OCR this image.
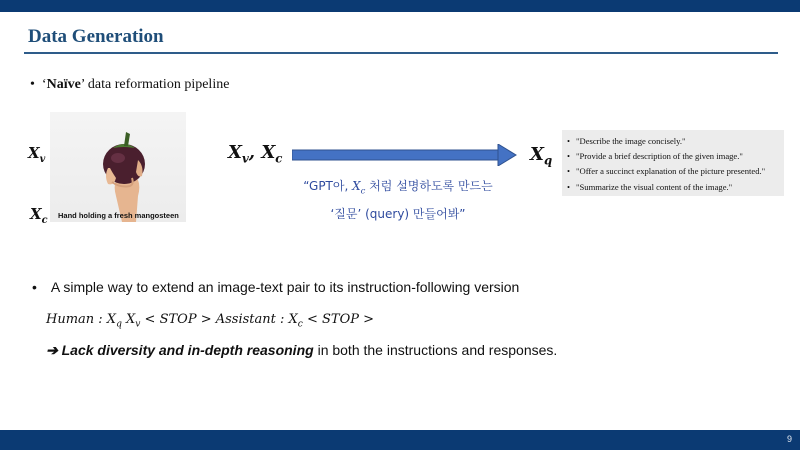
Data Generation
• ‘Naïve’ data reformation pipeline
Hand holding a fresh mangosteen
$X_v$
$X_c$
$X_v$, $X_c$	$X_q$
“GPT아, $X_c$ 처럼 설명하도록 만드는
‘질문’ (query) 만들어봐”
• "Describe the image concisely."
• "Provide a brief description of the given image."
• "Offer a succinct explanation of the picture presented."
• "Summarize the visual content of the image."
• A simple way to extend an image-text pair to its instruction-following version
Human : $X_q$ $X_v$ < STOP > Assistant : $X_c$ < STOP >
➔ Lack diversity and in-depth reasoning in both the instructions and responses.
9
